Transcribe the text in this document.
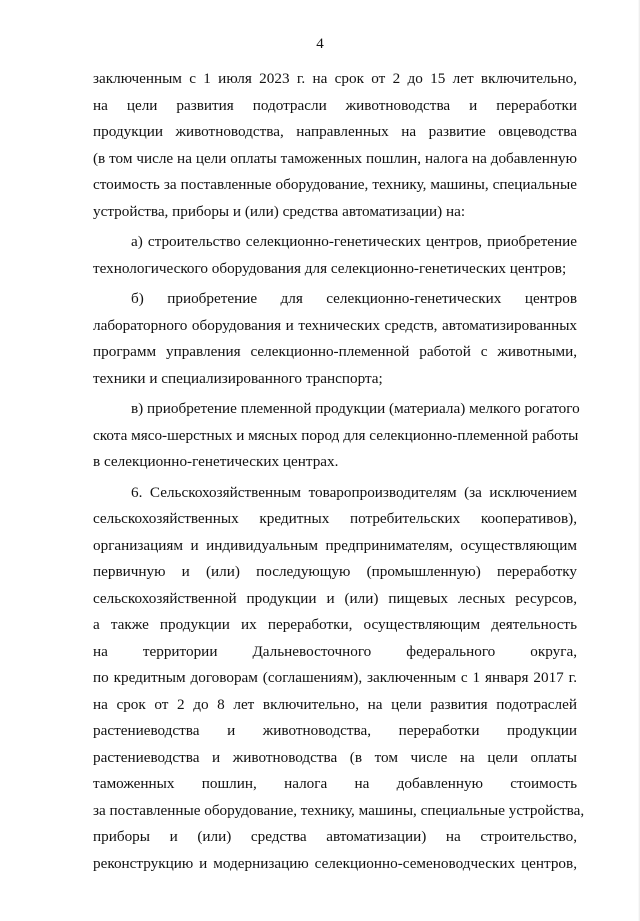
4
заключенным с 1 июля 2023 г. на срок от 2 до 15 лет включительно,
на цели развития подотрасли животноводства и переработки
продукции животноводства, направленных на развитие овцеводства
(в том числе на цели оплаты таможенных пошлин, налога на добавленную
стоимость за поставленные оборудование, технику, машины, специальные
устройства, приборы и (или) средства автоматизации) на:
а) строительство селекционно-генетических центров, приобретение
технологического оборудования для селекционно-генетических центров;
б) приобретение для селекционно-генетических центров
лабораторного оборудования и технических средств, автоматизированных
программ управления селекционно-племенной работой с животными,
техники и специализированного транспорта;
в) приобретение племенной продукции (материала) мелкого рогатого
скота мясо-шерстных и мясных пород для селекционно-племенной работы
в селекционно-генетических центрах.
6. Сельскохозяйственным товаропроизводителям (за исключением
сельскохозяйственных кредитных потребительских кооперативов),
организациям и индивидуальным предпринимателям, осуществляющим
первичную и (или) последующую (промышленную) переработку
сельскохозяйственной продукции и (или) пищевых лесных ресурсов,
а также продукции их переработки, осуществляющим деятельность
на территории Дальневосточного федерального округа,
по кредитным договорам (соглашениям), заключенным с 1 января 2017 г.
на срок от 2 до 8 лет включительно, на цели развития подотраслей
растениеводства и животноводства, переработки продукции
растениеводства и животноводства (в том числе на цели оплаты
таможенных пошлин, налога на добавленную стоимость
за поставленные оборудование, технику, машины, специальные устройства,
приборы и (или) средства автоматизации) на строительство,
реконструкцию и модернизацию селекционно-семеноводческих центров,
